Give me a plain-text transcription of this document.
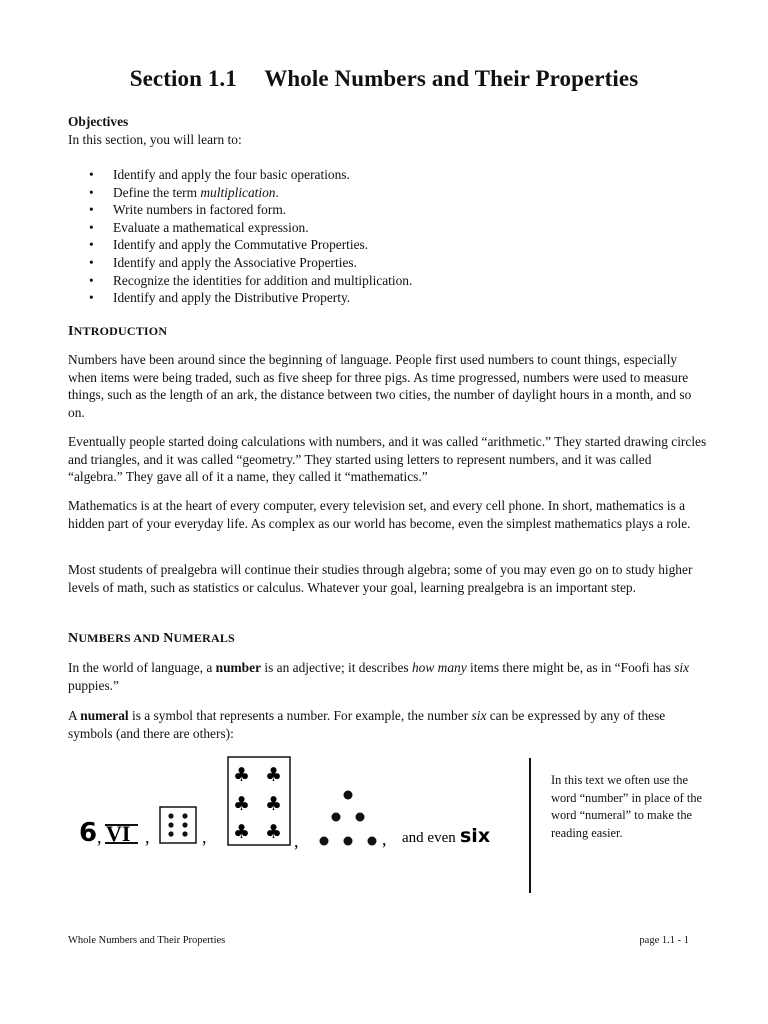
Section 1.1 Whole Numbers and Their Properties
Objectives
In this section, you will learn to:
• Identify and apply the four basic operations.
• Define the term multiplication.
• Write numbers in factored form.
• Evaluate a mathematical expression.
• Identify and apply the Commutative Properties.
• Identify and apply the Associative Properties.
• Recognize the identities for addition and multiplication.
• Identify and apply the Distributive Property.
INTRODUCTION

Numbers have been around since the beginning of language. People first used numbers to count things, especially when items were being traded, such as five sheep for three pigs. As time progressed, numbers were used to measure things, such as the length of an ark, the distance between two cities, the number of daylight hours in a month, and so on.

Eventually people started doing calculations with numbers, and it was called “arithmetic.” They started drawing circles and triangles, and it was called “geometry.” They started using letters to represent numbers, and it was called “algebra.” They gave all of it a name, they called it “mathematics.”

Mathematics is at the heart of every computer, every television set, and every cell phone. In short, mathematics is a hidden part of your everyday life. As complex as our world has become, even the simplest mathematics plays a role.

Most students of prealgebra will continue their studies through algebra; some of you may even go on to study higher levels of math, such as statistics or calculus. Whatever your goal, learning prealgebra is an important step.

NUMBERS AND NUMERALS

In the world of language, a number is an adjective; it describes how many items there might be, as in “Foofi has six puppies.”

A numeral is a symbol that represents a number. For example, the number six can be expressed by any of these symbols (and there are others):

6 , VI ,	,
♣ ♣
♣ ♣
♣ ♣ ,	, and even six
In this text we often use the word “number” in place of the word “numeral” to make the reading easier.
Whole Numbers and Their Properties	page 1.1 - 1
